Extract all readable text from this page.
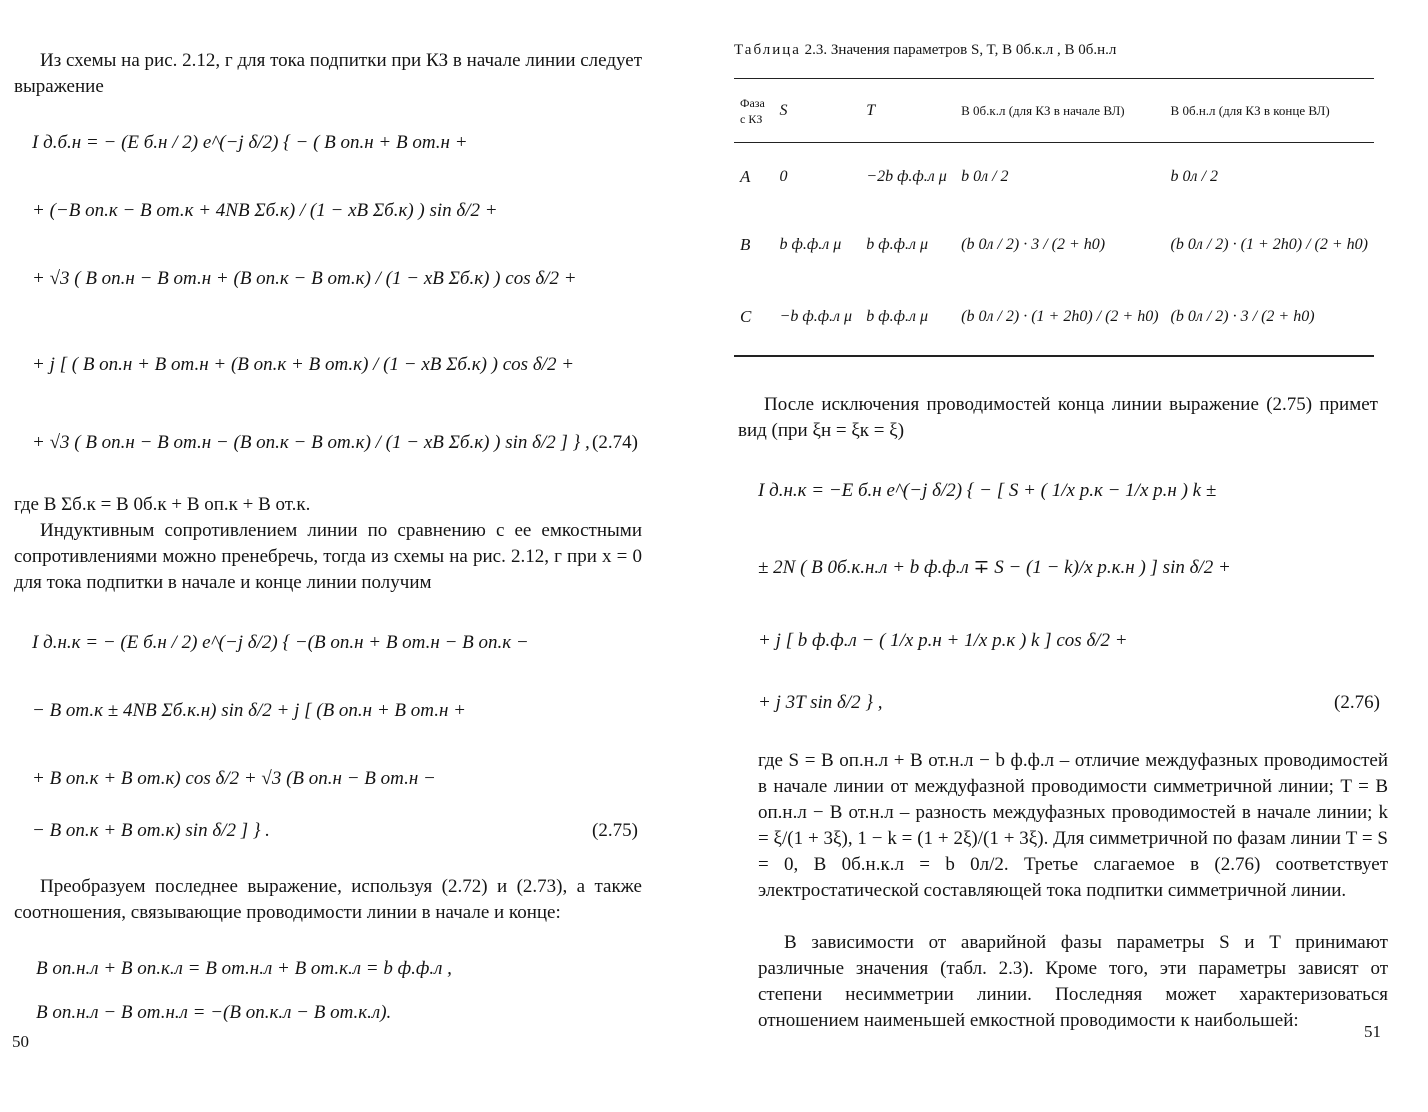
Из схемы на рис. 2.12, г для тока подпитки при КЗ в начале линии следует выражение
I д.б.н = − (E б.н / 2) e^(−j δ/2) { − ( B оп.н + B от.н +
+ (−B оп.к − B от.к + 4NB Σб.к) / (1 − xB Σб.к) ) sin δ/2 +
+ √3 ( B оп.н − B от.н + (B оп.к − B от.к) / (1 − xB Σб.к) ) cos δ/2 +
+ j [ ( B оп.н + B от.н + (B оп.к + B от.к) / (1 − xB Σб.к) ) cos δ/2 +
+ √3 ( B оп.н − B от.н − (B оп.к − B от.к) / (1 − xB Σб.к) ) sin δ/2 ] } , (2.74)
где B Σб.к = B 0б.к + B оп.к + B от.к.
Индуктивным сопротивлением линии по сравнению с ее емкостными сопротивлениями можно пренебречь, тогда из схемы на рис. 2.12, г при x = 0 для тока подпитки в начале и конце линии получим
I д.н.к = − (E б.н / 2) e^(−j δ/2) { −(B оп.н + B от.н − B оп.к −
− B от.к ± 4NB Σб.к.н) sin δ/2 + j [ (B оп.н + B от.н +
+ B оп.к + B от.к) cos δ/2 + √3 (B оп.н − B от.н −
− B оп.к + B от.к) sin δ/2 ] } .	(2.75)
Преобразуем последнее выражение, используя (2.72) и (2.73), а также соотношения, связывающие проводимости линии в начале и конце:
B оп.н.л + B оп.к.л = B от.н.л + B от.к.л = b ф.ф.л ,
B оп.н.л − B от.н.л = −(B оп.к.л − B от.к.л).
50
Таблица 2.3. Значения параметров S, T, B 0б.к.л , B 0б.н.л
Фаза с КЗ	S	T	B 0б.к.л (для КЗ в начале ВЛ)	B 0б.н.л (для КЗ в конце ВЛ)
A	0	−2b ф.ф.л μ	b 0л / 2	b 0л / 2
B	b ф.ф.л μ	b ф.ф.л μ	(b 0л / 2) · 3 / (2 + h0)	(b 0л / 2) · (1 + 2h0) / (2 + h0)
C	−b ф.ф.л μ	b ф.ф.л μ	(b 0л / 2) · (1 + 2h0) / (2 + h0)	(b 0л / 2) · 3 / (2 + h0)
После исключения проводимостей конца линии выражение (2.75) примет вид (при ξн = ξк = ξ)
I д.н.к = −E б.н e^(−j δ/2) { − [ S + ( 1/x р.к − 1/x р.н ) k ±
± 2N ( B 0б.к.н.л + b ф.ф.л ∓ S − (1 − k)/x р.к.н ) ] sin δ/2 +
+ j [ b ф.ф.л − ( 1/x р.н + 1/x р.к ) k ] cos δ/2 +
+ j 3T sin δ/2 } ,	(2.76)
где S = B оп.н.л + B от.н.л − b ф.ф.л – отличие междуфазных проводимостей в начале линии от междуфазной проводимости симметричной линии; T = B оп.н.л − B от.н.л – разность междуфазных проводимостей в начале линии; k = ξ/(1 + 3ξ), 1 − k = (1 + 2ξ)/(1 + 3ξ). Для симметричной по фазам линии T = S = 0, B 0б.н.к.л = b 0л/2. Третье слагаемое в (2.76) соответствует электростатической составляющей тока подпитки симметричной линии.
В зависимости от аварийной фазы параметры S и T принимают различные значения (табл. 2.3). Кроме того, эти параметры зависят от степени несимметрии линии. Последняя может характеризоваться отношением наименьшей емкостной проводимости к наибольшей:
51
